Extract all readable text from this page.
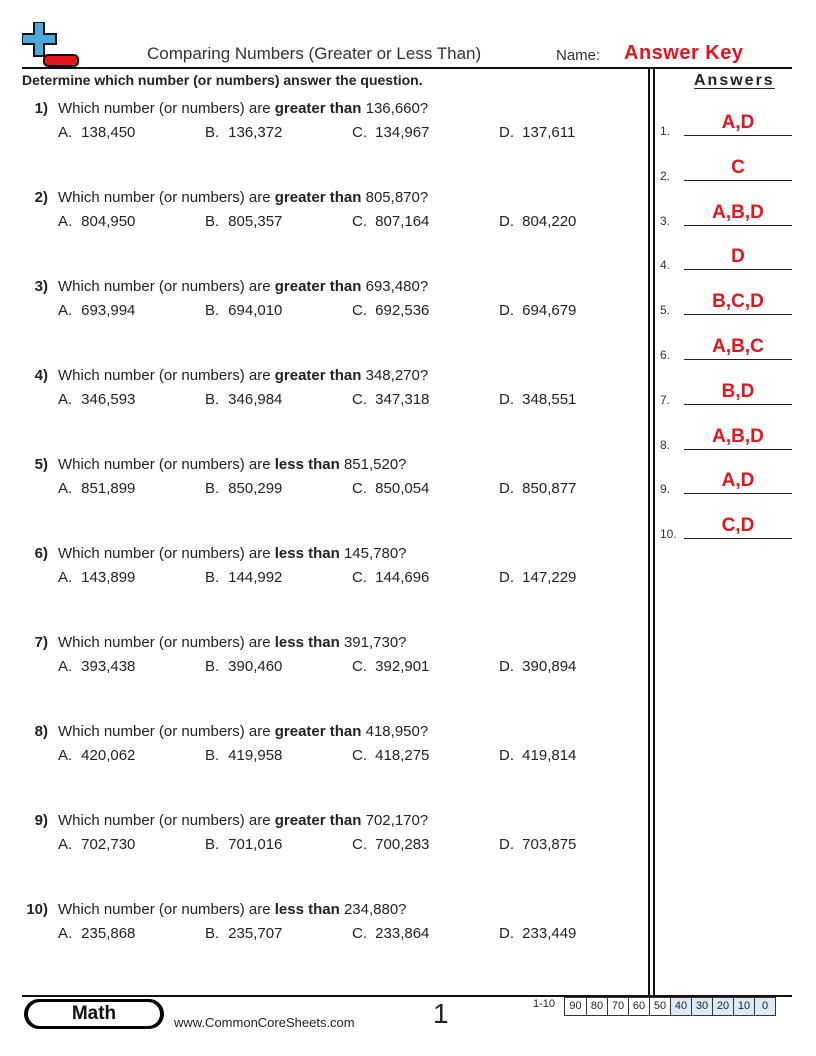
Comparing Numbers (Greater or Less Than)	Name: Answer Key
Determine which number (or numbers) answer the question.	Answers
1) Which number (or numbers) are greater than 136,660?
A. 138,450	B. 136,372	C. 134,967	D. 137,611
2) Which number (or numbers) are greater than 805,870?
A. 804,950	B. 805,357	C. 807,164	D. 804,220
3) Which number (or numbers) are greater than 693,480?
A. 693,994	B. 694,010	C. 692,536	D. 694,679
4) Which number (or numbers) are greater than 348,270?
A. 346,593	B. 346,984	C. 347,318	D. 348,551
5) Which number (or numbers) are less than 851,520?
A. 851,899	B. 850,299	C. 850,054	D. 850,877
6) Which number (or numbers) are less than 145,780?
A. 143,899	B. 144,992	C. 144,696	D. 147,229
7) Which number (or numbers) are less than 391,730?
A. 393,438	B. 390,460	C. 392,901	D. 390,894
8) Which number (or numbers) are greater than 418,950?
A. 420,062	B. 419,958	C. 418,275	D. 419,814
9) Which number (or numbers) are greater than 702,170?
A. 702,730	B. 701,016	C. 700,283	D. 703,875
10) Which number (or numbers) are less than 234,880?
A. 235,868	B. 235,707	C. 233,864	D. 233,449
1.	A,D
2.	C
3.	A,B,D
4.	D
5.	B,C,D
6.	A,B,C
7.	B,D
8.	A,B,D
9.	A,D
10.	C,D
Math	www.CommonCoreSheets.com	1	1-10	90 80 70 60 50 40 30 20 10	0
